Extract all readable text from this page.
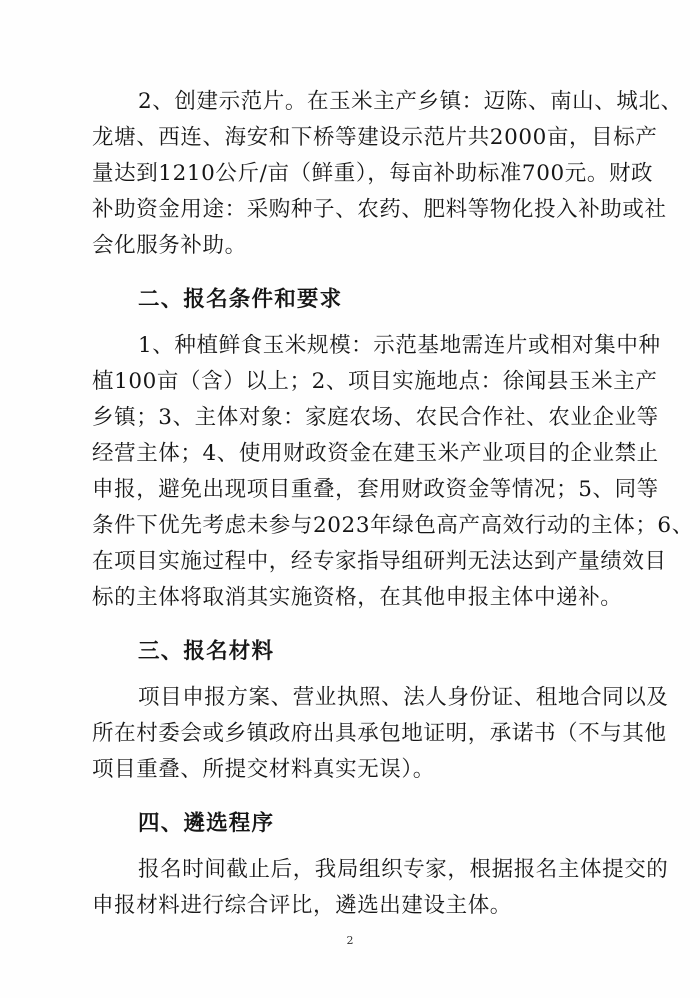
2、创建示范片。在玉米主产乡镇：迈陈、南山、城北、
龙塘、西连、海安和下桥等建设示范片共2000亩，目标产
量达到1210公斤/亩（鲜重），每亩补助标准700元。财政
补助资金用途：采购种子、农药、肥料等物化投入补助或社
会化服务补助。
二、报名条件和要求
1、种植鲜食玉米规模：示范基地需连片或相对集中种
植100亩（含）以上；2、项目实施地点：徐闻县玉米主产
乡镇；3、主体对象：家庭农场、农民合作社、农业企业等
经营主体；4、使用财政资金在建玉米产业项目的企业禁止
申报，避免出现项目重叠，套用财政资金等情况；5、同等
条件下优先考虑未参与2023年绿色高产高效行动的主体；6、
在项目实施过程中，经专家指导组研判无法达到产量绩效目
标的主体将取消其实施资格，在其他申报主体中递补。
三、报名材料
项目申报方案、营业执照、法人身份证、租地合同以及
所在村委会或乡镇政府出具承包地证明，承诺书（不与其他
项目重叠、所提交材料真实无误）。
四、遴选程序
报名时间截止后，我局组织专家，根据报名主体提交的
申报材料进行综合评比，遴选出建设主体。
2
